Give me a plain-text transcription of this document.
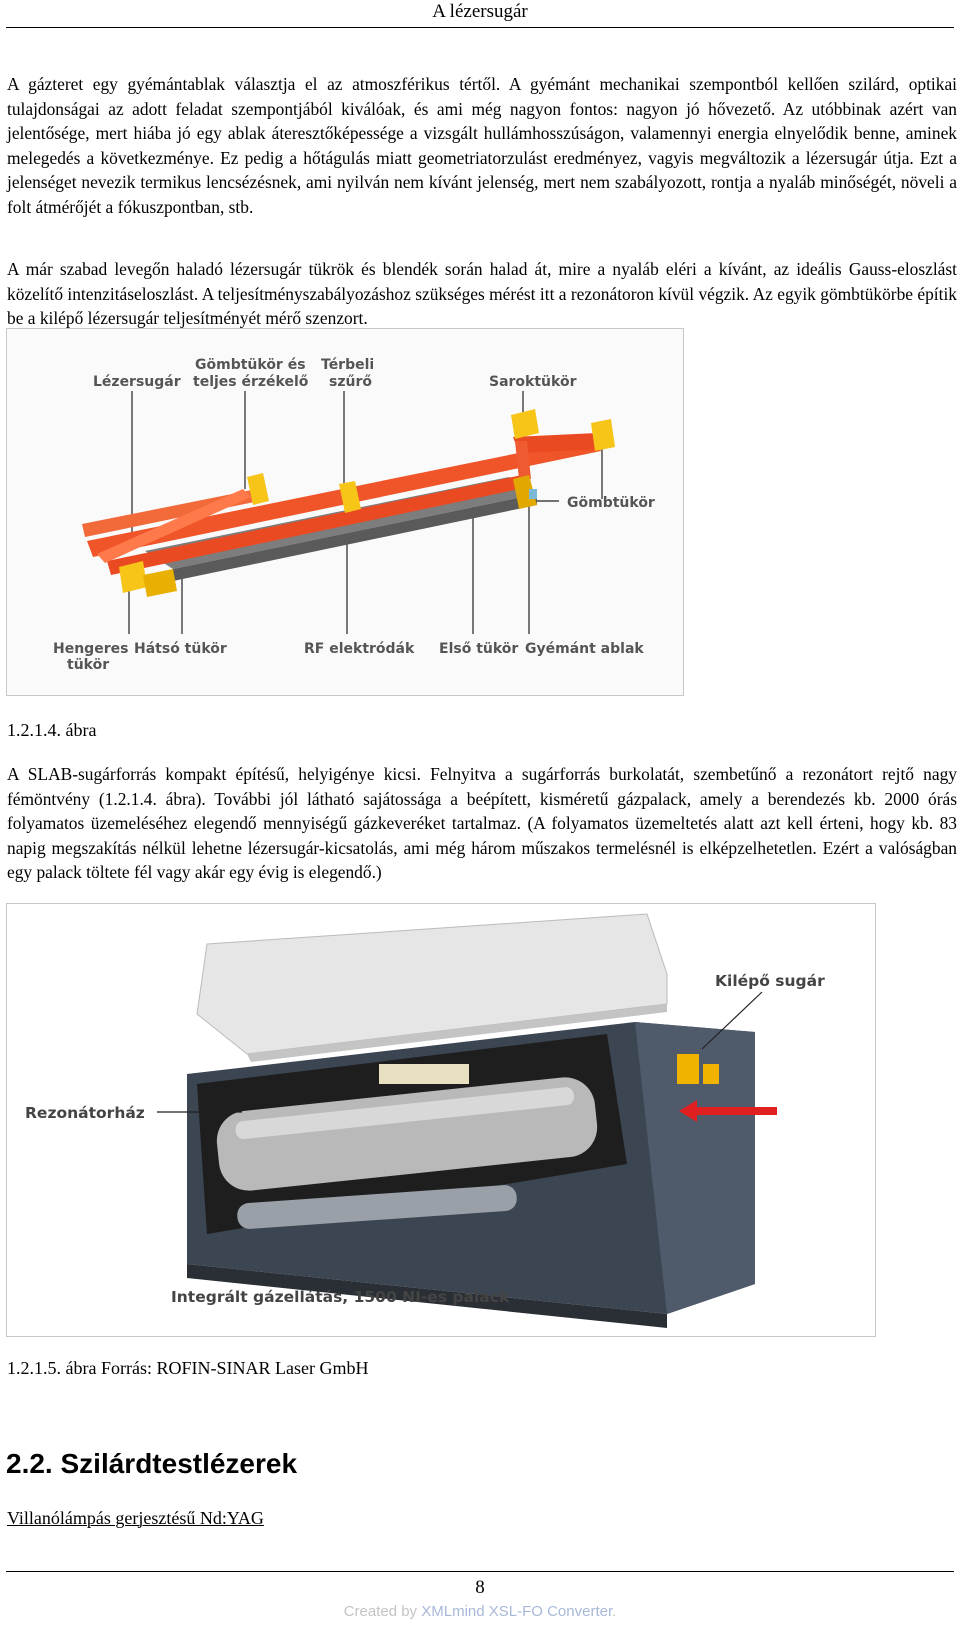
A lézersugár

A gázteret egy gyémántablak választja el az atmoszférikus tértől. A gyémánt mechanikai szempontból kellően szilárd, optikai tulajdonságai az adott feladat szempontjából kiválóak, és ami még nagyon fontos: nagyon jó hővezető. Az utóbbinak azért van jelentősége, mert hiába jó egy ablak áteresztőképessége a vizsgált hullámhosszúságon, valamennyi energia elnyelődik benne, aminek melegedés a következménye. Ez pedig a hőtágulás miatt geometriatorzulást eredményez, vagyis megváltozik a lézersugár útja. Ezt a jelenséget nevezik termikus lencsézésnek, ami nyilván nem kívánt jelenség, mert nem szabályozott, rontja a nyaláb minőségét, növeli a folt átmérőjét a fókuszpontban, stb.

A már szabad levegőn haladó lézersugár tükrök és blendék során halad át, mire a nyaláb eléri a kívánt, az ideális Gauss-eloszlást közelítő intenzitáseloszlást. A teljesítményszabályozáshoz szükséges mérést itt a rezonátoron kívül végzik. Az egyik gömbtükörbe építik be a kilépő lézersugár teljesítményét mérő szenzort.

Lézersugár
Gömbtükör és
teljes érzékelő
Térbeli
szűrő	Saroktükör
Gömbtükör
Hengeres
tükör
Hátsó tükör	RF elektródák Első tükör Gyémánt ablak
1.2.1.4. ábra

A SLAB-sugárforrás kompakt építésű, helyigénye kicsi. Felnyitva a sugárforrás burkolatát, szembetűnő a rezonátort rejtő nagy fémöntvény (1.2.1.4. ábra). További jól látható sajátossága a beépített, kisméretű gázpalack, amely a berendezés kb. 2000 órás folyamatos üzemeléséhez elegendő mennyiségű gázkeveréket tartalmaz. (A folyamatos üzemeltetés alatt azt kell érteni, hogy kb. 83 napig megszakítás nélkül lehetne lézersugár-kicsatolás, ami még három műszakos termelésnél is elképzelhetetlen. Ezért a valóságban egy palack töltete fél vagy akár egy évig is elegendő.)

Rezonátorház
Kilépő sugár
Integrált gázellátás, 1500 NI-es palack
1.2.1.5. ábra Forrás: ROFIN-SINAR Laser GmbH
2.2. Szilárdtestlézerek
Villanólámpás gerjesztésű Nd:YAG
8
Created by XMLmind XSL-FO Converter.
